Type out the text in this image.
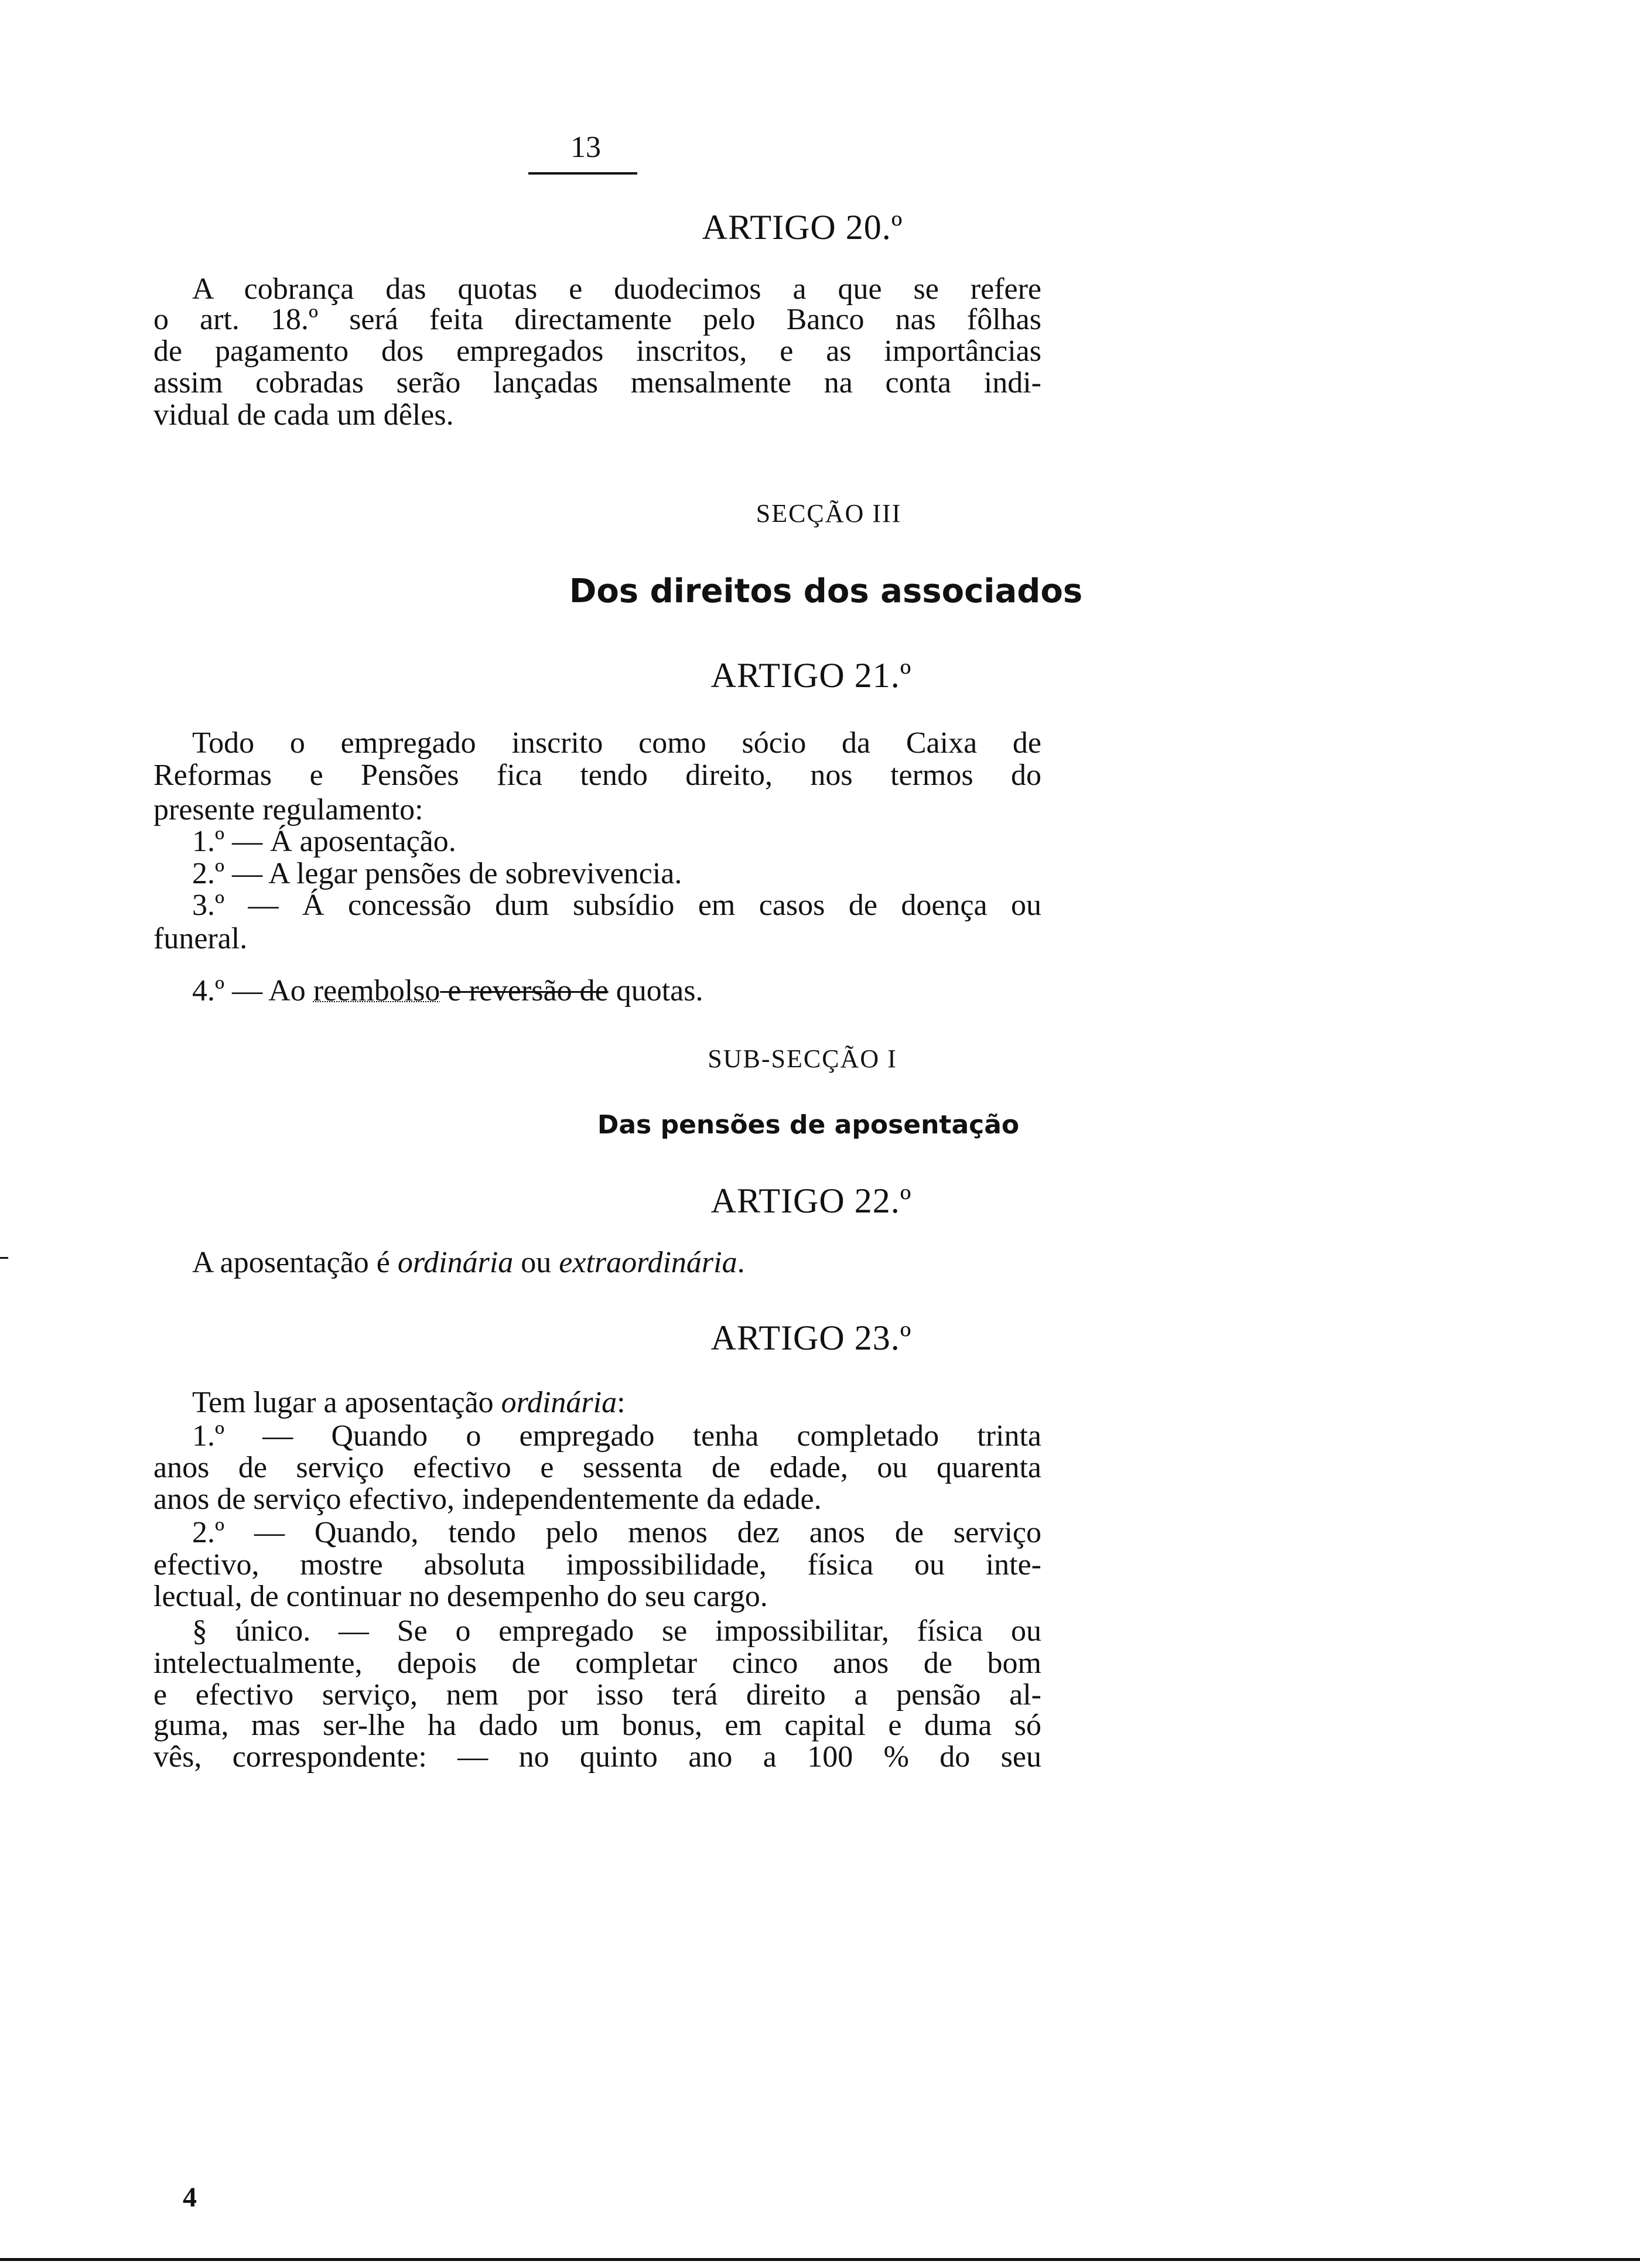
13
ARTIGO 20.º
A cobrança das quotas e duodecimos a que se refere
o art. 18.º será feita directamente pelo Banco nas fôlhas
de pagamento dos empregados inscritos, e as importâncias
assim cobradas serão lançadas mensalmente na conta indi-
vidual de cada um dêles.
SECÇÃO III
Dos direitos dos associados
ARTIGO 21.º
Todo o empregado inscrito como sócio da Caixa de
Reformas e Pensões fica tendo direito, nos termos do
presente regulamento:
1.º — Á aposentação.
2.º — A legar pensões de sobrevivencia.
3.º — Á concessão dum subsídio em casos de doença ou
funeral.
4.º — Ao reembolso e reversão de quotas.
SUB-SECÇÃO I
Das pensões de aposentação
ARTIGO 22.º
A aposentação é ordinária ou extraordinária.
ARTIGO 23.º
Tem lugar a aposentação ordinária:
1.º — Quando o empregado tenha completado trinta
anos de serviço efectivo e sessenta de edade, ou quarenta
anos de serviço efectivo, independentemente da edade.
2.º — Quando, tendo pelo menos dez anos de serviço
efectivo, mostre absoluta impossibilidade, física ou inte-
lectual, de continuar no desempenho do seu cargo.
§ único. — Se o empregado se impossibilitar, física ou
intelectualmente, depois de completar cinco anos de bom
e efectivo serviço, nem por isso terá direito a pensão al-
guma, mas ser-lhe ha dado um bonus, em capital e duma só
vês, correspondente: — no quinto ano a 100 % do seu
4
